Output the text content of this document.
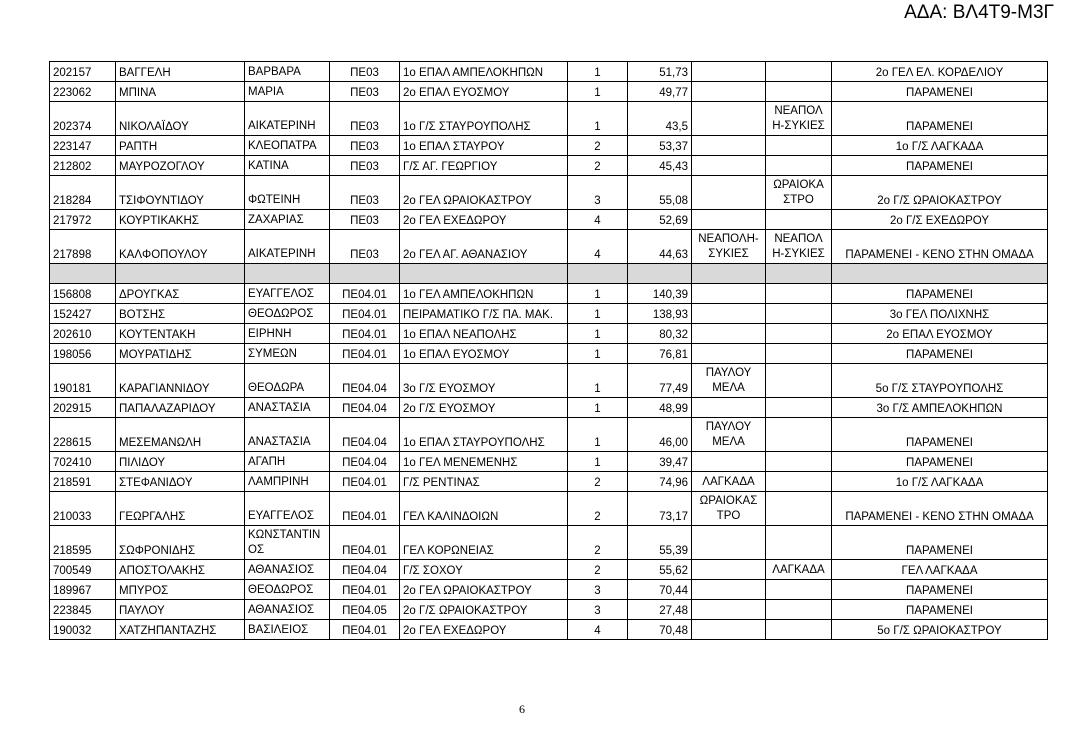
ΑΔΑ: ΒΛ4Τ9-Μ3Γ
202157	ΒΑΓΓΕΛΗ	ΒΑΡΒΑΡΑ	ΠΕ03	1ο ΕΠΑΛ ΑΜΠΕΛΟΚΗΠΩΝ	1	51,73			2ο ΓΕΛ ΕΛ. ΚΟΡΔΕΛΙΟΥ
223062	ΜΠΙΝΑ	ΜΑΡΙΑ	ΠΕ03	2ο ΕΠΑΛ ΕΥΟΣΜΟΥ	1	49,77			ΠΑΡΑΜΕΝΕΙ
202374	ΝΙΚΟΛΑΪΔΟΥ	ΑΙΚΑΤΕΡΙΝΗ	ΠΕ03	1ο Γ/Σ ΣΤΑΥΡΟΥΠΟΛΗΣ	1	43,5		ΝΕΑΠΟΛ Η-ΣΥΚΙΕΣ	ΠΑΡΑΜΕΝΕΙ
223147	ΡΑΠΤΗ	ΚΛΕΟΠΑΤΡΑ	ΠΕ03	1ο ΕΠΑΛ ΣΤΑΥΡΟΥ	2	53,37			1ο Γ/Σ ΛΑΓΚΑΔΑ
212802	ΜΑΥΡΟΖΟΓΛΟΥ	ΚΑΤΙΝΑ	ΠΕ03	Γ/Σ ΑΓ. ΓΕΩΡΓΙΟΥ	2	45,43			ΠΑΡΑΜΕΝΕΙ
218284	ΤΣΙΦΟΥΝΤΙΔΟΥ	ΦΩΤΕΙΝΗ	ΠΕ03	2ο ΓΕΛ ΩΡΑΙΟΚΑΣΤΡΟΥ	3	55,08		ΩΡΑΙΟΚΑ ΣΤΡΟ	2ο Γ/Σ ΩΡΑΙΟΚΑΣΤΡΟΥ
217972	ΚΟΥΡΤΙΚΑΚΗΣ	ΖΑΧΑΡΙΑΣ	ΠΕ03	2ο ΓΕΛ ΕΧΕΔΩΡΟΥ	4	52,69			2ο Γ/Σ ΕΧΕΔΩΡΟΥ
217898	ΚΑΛΦΟΠΟΥΛΟΥ	ΑΙΚΑΤΕΡΙΝΗ	ΠΕ03	2ο ΓΕΛ ΑΓ. ΑΘΑΝΑΣΙΟΥ	4	44,63	ΝΕΑΠΟΛΗ- ΣΥΚΙΕΣ	ΝΕΑΠΟΛ Η-ΣΥΚΙΕΣ	ΠΑΡΑΜΕΝΕΙ - ΚΕΝΟ ΣΤΗΝ ΟΜΑΔΑ

156808	ΔΡΟΥΓΚΑΣ	ΕΥΑΓΓΕΛΟΣ	ΠΕ04.01	1ο ΓΕΛ ΑΜΠΕΛΟΚΗΠΩΝ	1	140,39			ΠΑΡΑΜΕΝΕΙ
152427	ΒΟΤΣΗΣ	ΘΕΟΔΩΡΟΣ	ΠΕ04.01	ΠΕΙΡΑΜΑΤΙΚΟ Γ/Σ ΠΑ. ΜΑΚ.	1	138,93			3ο ΓΕΛ ΠΟΛΙΧΝΗΣ
202610	ΚΟΥΤΕΝΤΑΚΗ	ΕΙΡΗΝΗ	ΠΕ04.01	1ο ΕΠΑΛ ΝΕΑΠΟΛΗΣ	1	80,32			2ο ΕΠΑΛ ΕΥΟΣΜΟΥ
198056	ΜΟΥΡΑΤΙΔΗΣ	ΣΥΜΕΩΝ	ΠΕ04.01	1ο ΕΠΑΛ ΕΥΟΣΜΟΥ	1	76,81			ΠΑΡΑΜΕΝΕΙ
190181	ΚΑΡΑΓΙΑΝΝΙΔΟΥ	ΘΕΟΔΩΡΑ	ΠΕ04.04	3ο Γ/Σ ΕΥΟΣΜΟΥ	1	77,49	ΠΑΥΛΟΥ ΜΕΛΑ		5ο Γ/Σ ΣΤΑΥΡΟΥΠΟΛΗΣ
202915	ΠΑΠΑΛΑΖΑΡΙΔΟΥ	ΑΝΑΣΤΑΣΙΑ	ΠΕ04.04	2ο Γ/Σ ΕΥΟΣΜΟΥ	1	48,99			3ο Γ/Σ ΑΜΠΕΛΟΚΗΠΩΝ
228615	ΜΕΣΕΜΑΝΩΛΗ	ΑΝΑΣΤΑΣΙΑ	ΠΕ04.04	1ο ΕΠΑΛ ΣΤΑΥΡΟΥΠΟΛΗΣ	1	46,00	ΠΑΥΛΟΥ ΜΕΛΑ		ΠΑΡΑΜΕΝΕΙ
702410	ΠΙΛΙΔΟΥ	ΑΓΑΠΗ	ΠΕ04.04	1ο ΓΕΛ ΜΕΝΕΜΕΝΗΣ	1	39,47			ΠΑΡΑΜΕΝΕΙ
218591	ΣΤΕΦΑΝΙΔΟΥ	ΛΑΜΠΡΙΝΗ	ΠΕ04.01	Γ/Σ ΡΕΝΤΙΝΑΣ	2	74,96	ΛΑΓΚΑΔΑ		1ο Γ/Σ ΛΑΓΚΑΔΑ
210033	ΓΕΩΡΓΑΛΗΣ	ΕΥΑΓΓΕΛΟΣ	ΠΕ04.01	ΓΕΛ ΚΑΛΙΝΔΟΙΩΝ	2	73,17	ΩΡΑΙΟΚΑΣ ΤΡΟ		ΠΑΡΑΜΕΝΕΙ - ΚΕΝΟ ΣΤΗΝ ΟΜΑΔΑ
218595	ΣΩΦΡΟΝΙΔΗΣ	ΚΩΝΣΤΑΝΤΙΝ ΟΣ	ΠΕ04.01	ΓΕΛ ΚΟΡΩΝΕΙΑΣ	2	55,39			ΠΑΡΑΜΕΝΕΙ
700549	ΑΠΟΣΤΟΛΑΚΗΣ	ΑΘΑΝΑΣΙΟΣ	ΠΕ04.04	Γ/Σ ΣΟΧΟΥ	2	55,62		ΛΑΓΚΑΔΑ	ΓΕΛ ΛΑΓΚΑΔΑ
189967	ΜΠΥΡΟΣ	ΘΕΟΔΩΡΟΣ	ΠΕ04.01	2ο ΓΕΛ ΩΡΑΙΟΚΑΣΤΡΟΥ	3	70,44			ΠΑΡΑΜΕΝΕΙ
223845	ΠΑΥΛΟΥ	ΑΘΑΝΑΣΙΟΣ	ΠΕ04.05	2ο Γ/Σ ΩΡΑΙΟΚΑΣΤΡΟΥ	3	27,48			ΠΑΡΑΜΕΝΕΙ
190032	ΧΑΤΖΗΠΑΝΤΑΖΗΣ	ΒΑΣΙΛΕΙΟΣ	ΠΕ04.01	2ο ΓΕΛ ΕΧΕΔΩΡΟΥ	4	70,48			5ο Γ/Σ ΩΡΑΙΟΚΑΣΤΡΟΥ
6
